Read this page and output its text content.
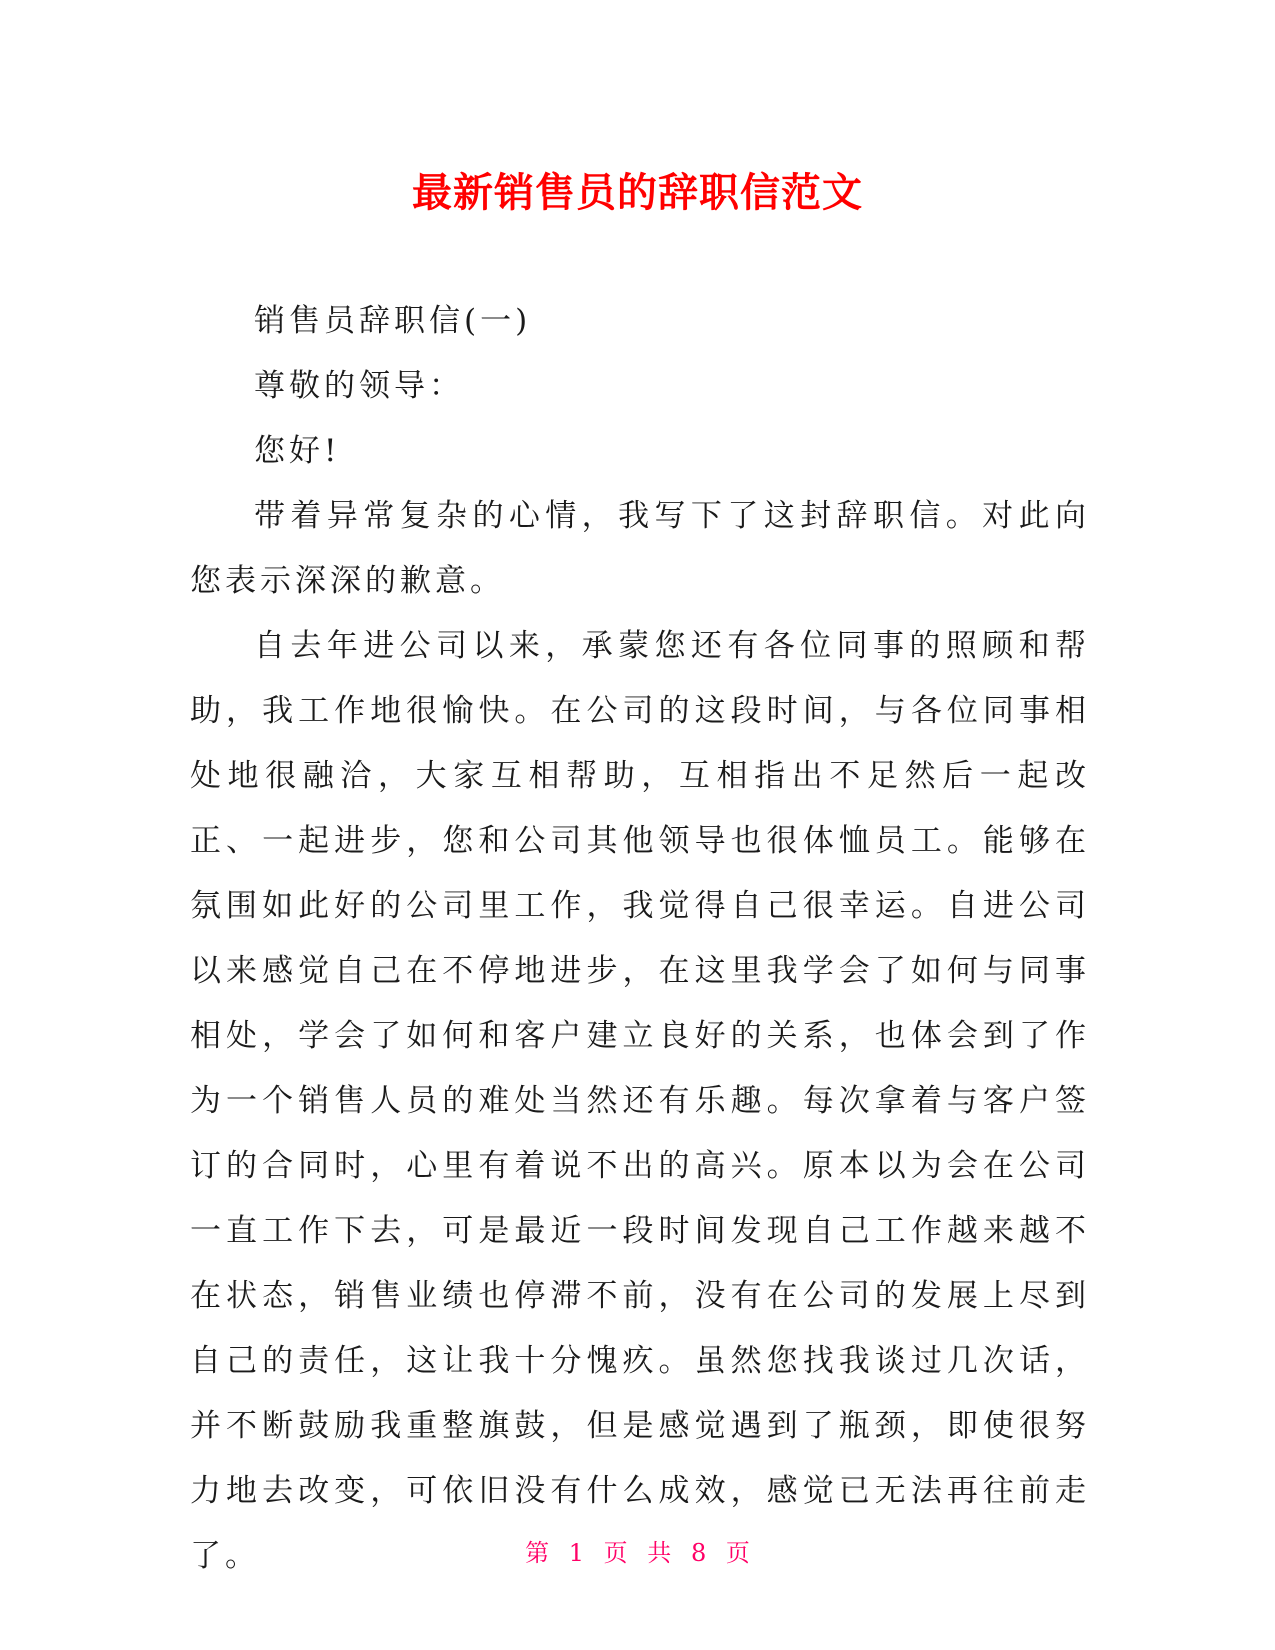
最新销售员的辞职信范文

销售员辞职信(一)

尊敬的领导：

您好!

带着异常复杂的心情，我写下了这封辞职信。对此向您表示深深的歉意。

自去年进公司以来，承蒙您还有各位同事的照顾和帮助，我工作地很愉快。在公司的这段时间，与各位同事相处地很融洽，大家互相帮助，互相指出不足然后一起改正、一起进步，您和公司其他领导也很体恤员工。能够在氛围如此好的公司里工作，我觉得自己很幸运。自进公司以来感觉自己在不停地进步，在这里我学会了如何与同事相处，学会了如何和客户建立良好的关系，也体会到了作为一个销售人员的难处当然还有乐趣。每次拿着与客户签订的合同时，心里有着说不出的高兴。原本以为会在公司一直工作下去，可是最近一段时间发现自己工作越来越不在状态，销售业绩也停滞不前，没有在公司的发展上尽到自己的责任，这让我十分愧疚。虽然您找我谈过几次话，并不断鼓励我重整旗鼓，但是感觉遇到了瓶颈，即使很努力地去改变，可依旧没有什么成效，感觉已无法再往前走了。	第 1 页 共 8 页
